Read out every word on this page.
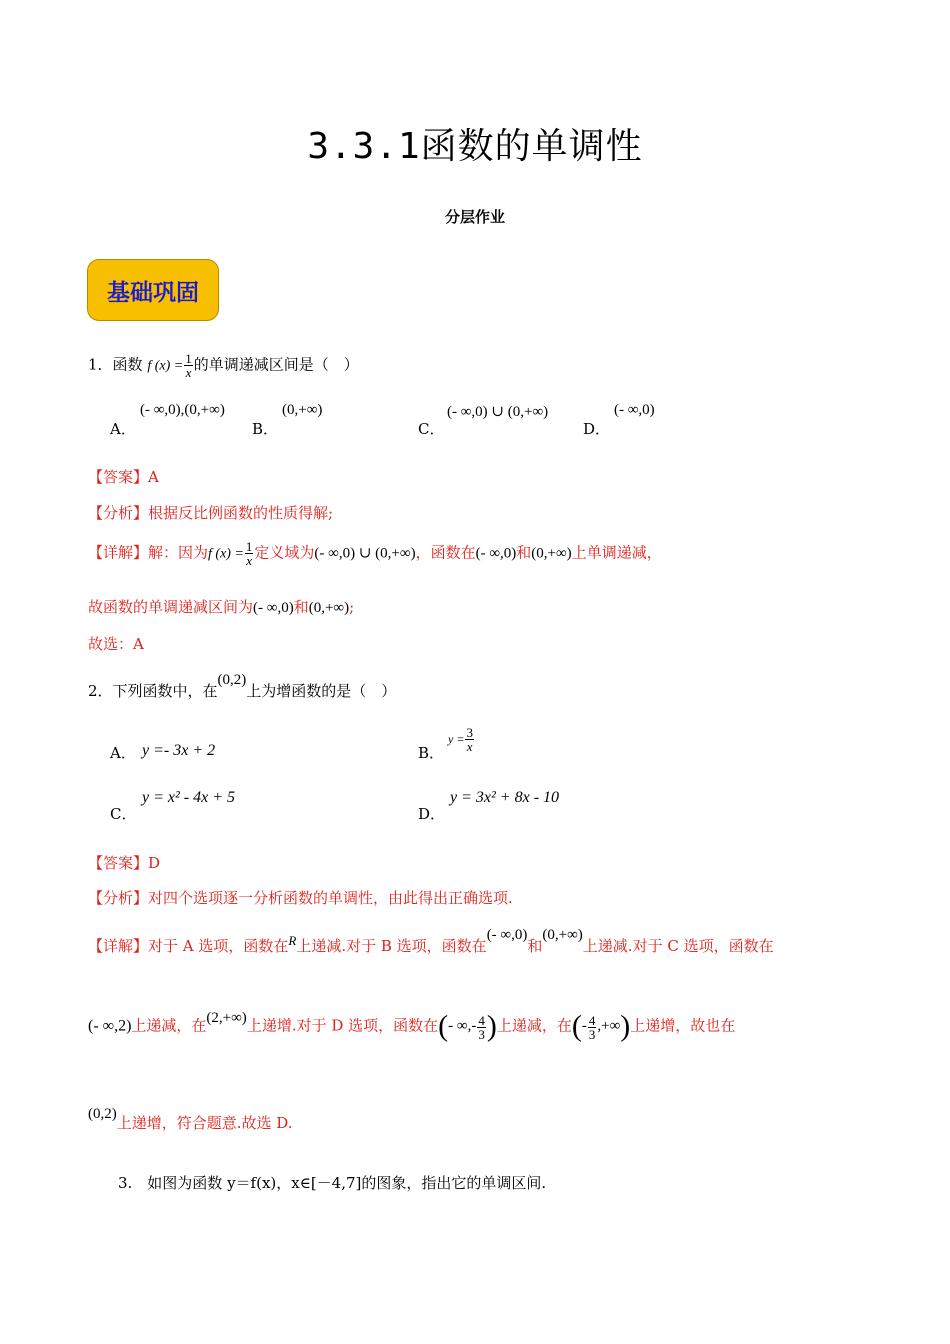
3.3.1函数的单调性
分层作业
基础巩固
1．函数 f $(x) = \frac{1}{x}$ 的单调递减区间是（　）
A．
(- ∞,0),(0,+∞)
B．
(0,+∞)
C．
(- ∞,0) ∪ (0,+∞)
D．
(- ∞,0)
【答案】A
【分析】根据反比例函数的性质得解;
【详解】解：因为f $(x) = \frac{1}{x}$ 定义域为(- ∞,0) ∪ (0,+∞)，函数在(- ∞,0)和(0,+∞)上单调递减，
故函数的单调递减区间为(- ∞,0)和(0,+∞);
故选：A
2．下列函数中，在(0,2)上为增函数的是（　）
A． y =- 3x + 2	B．
$y = \frac{3}{x}$
C．
y = x² - 4x + 5
D．
y = 3x² + 8x - 10
【答案】D
【分析】对四个选项逐一分析函数的单调性，由此得出正确选项.
【详解】对于 A 选项，函数在R上递减.对于 B 选项，函数在(- ∞,0)和(0,+∞)上递减.对于 C 选项，函数在
(- ∞,2)上递减，在(2,+∞)上递增.对于 D 选项，函数在(- ∞,- $\frac{4}{3}$ )上递减，在(- $\frac{4}{3}$ ,+∞)上递增，故也在
(0,2)上递增，符合题意.故选 D.
3.　如图为函数 y＝f(x)，x∈[－4,7]的图象，指出它的单调区间.
